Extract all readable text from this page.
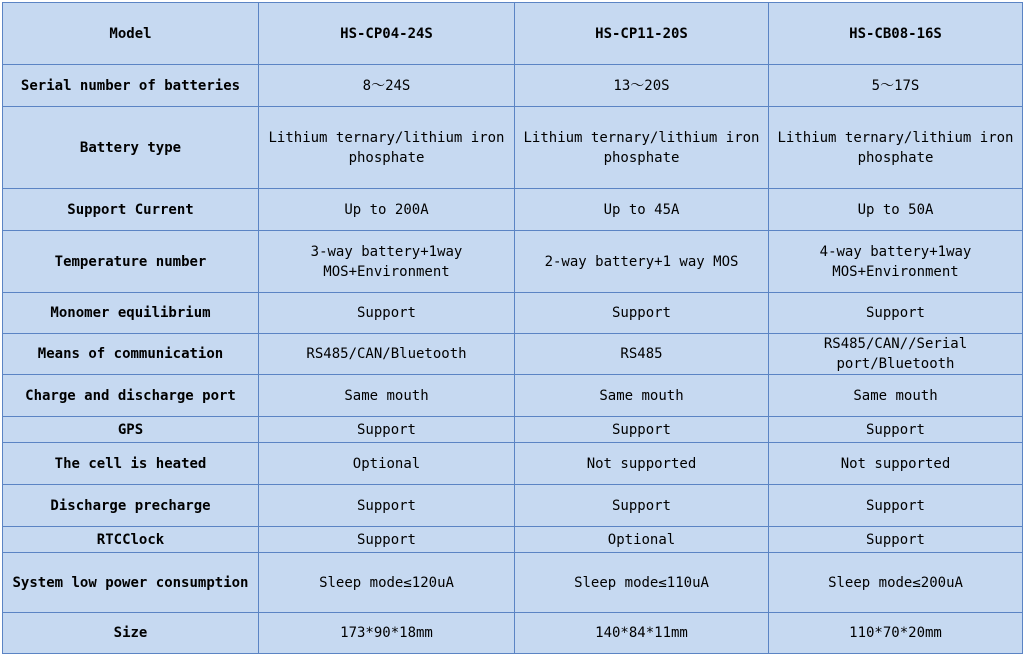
Model	HS-CP04-24S	HS-CP11-20S	HS-CB08-16S
Serial number of batteries	8～24S	13～20S	5～17S
Battery type	Lithium ternary/lithium iron phosphate	Lithium ternary/lithium iron phosphate	Lithium ternary/lithium iron phosphate
Support Current	Up to 200A	Up to 45A	Up to 50A
Temperature number	3-way battery+1way MOS+Environment	2-way battery+1 way MOS	4-way battery+1way MOS+Environment
Monomer equilibrium	Support	Support	Support
Means of communication	RS485/CAN/Bluetooth	RS485	RS485/CAN//Serial port/Bluetooth
Charge and discharge port	Same mouth	Same mouth	Same mouth
GPS	Support	Support	Support
The cell is heated	Optional	Not supported	Not supported
Discharge precharge	Support	Support	Support
RTCClock	Support	Optional	Support
System low power consumption	Sleep mode≤120uA	Sleep mode≤110uA	Sleep mode≤200uA
Size	173*90*18mm	140*84*11mm	110*70*20mm
